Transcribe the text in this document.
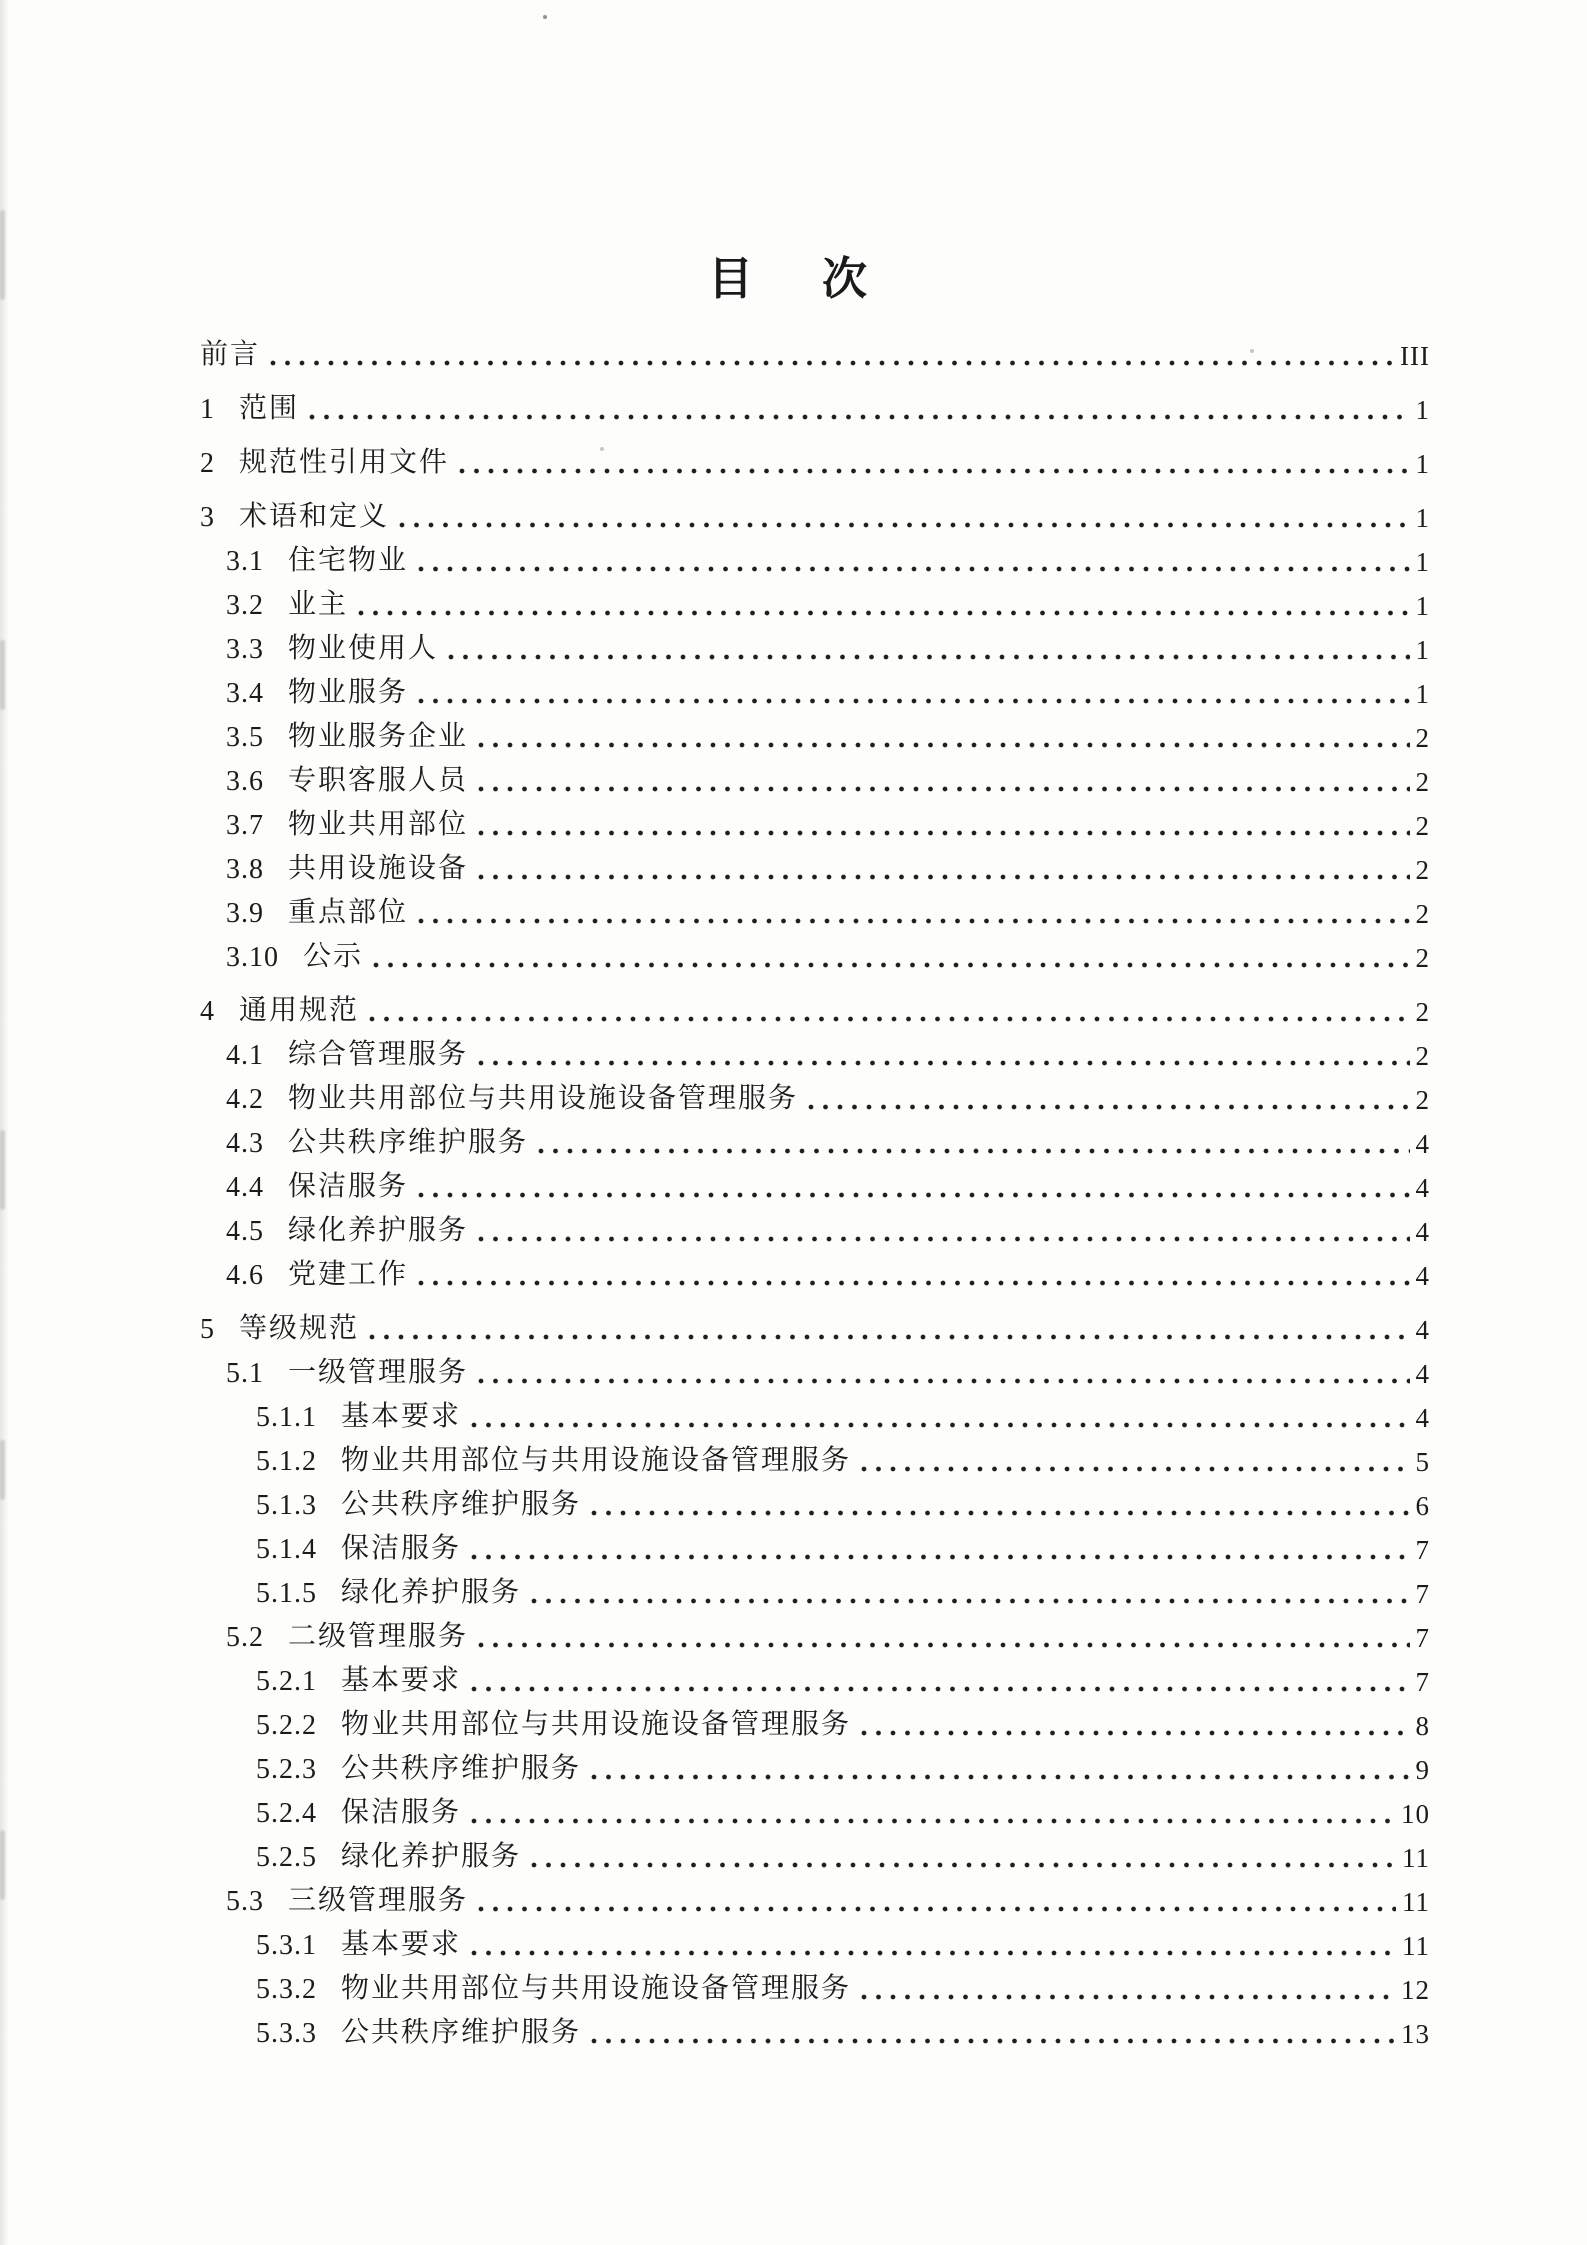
目　次
前言	III
1 范围	1
2 规范性引用文件	1
3 术语和定义	1
3.1 住宅物业	1
3.2 业主	1
3.3 物业使用人	1
3.4 物业服务	1
3.5 物业服务企业	2
3.6 专职客服人员	2
3.7 物业共用部位	2
3.8 共用设施设备	2
3.9 重点部位	2
3.10 公示	2
4 通用规范	2
4.1 综合管理服务	2
4.2 物业共用部位与共用设施设备管理服务	2
4.3 公共秩序维护服务	4
4.4 保洁服务	4
4.5 绿化养护服务	4
4.6 党建工作	4
5 等级规范	4
5.1 一级管理服务	4
5.1.1 基本要求	4
5.1.2 物业共用部位与共用设施设备管理服务	5
5.1.3 公共秩序维护服务	6
5.1.4 保洁服务	7
5.1.5 绿化养护服务	7
5.2 二级管理服务	7
5.2.1 基本要求	7
5.2.2 物业共用部位与共用设施设备管理服务	8
5.2.3 公共秩序维护服务	9
5.2.4 保洁服务	10
5.2.5 绿化养护服务	11
5.3 三级管理服务	11
5.3.1 基本要求	11
5.3.2 物业共用部位与共用设施设备管理服务	12
5.3.3 公共秩序维护服务	13
